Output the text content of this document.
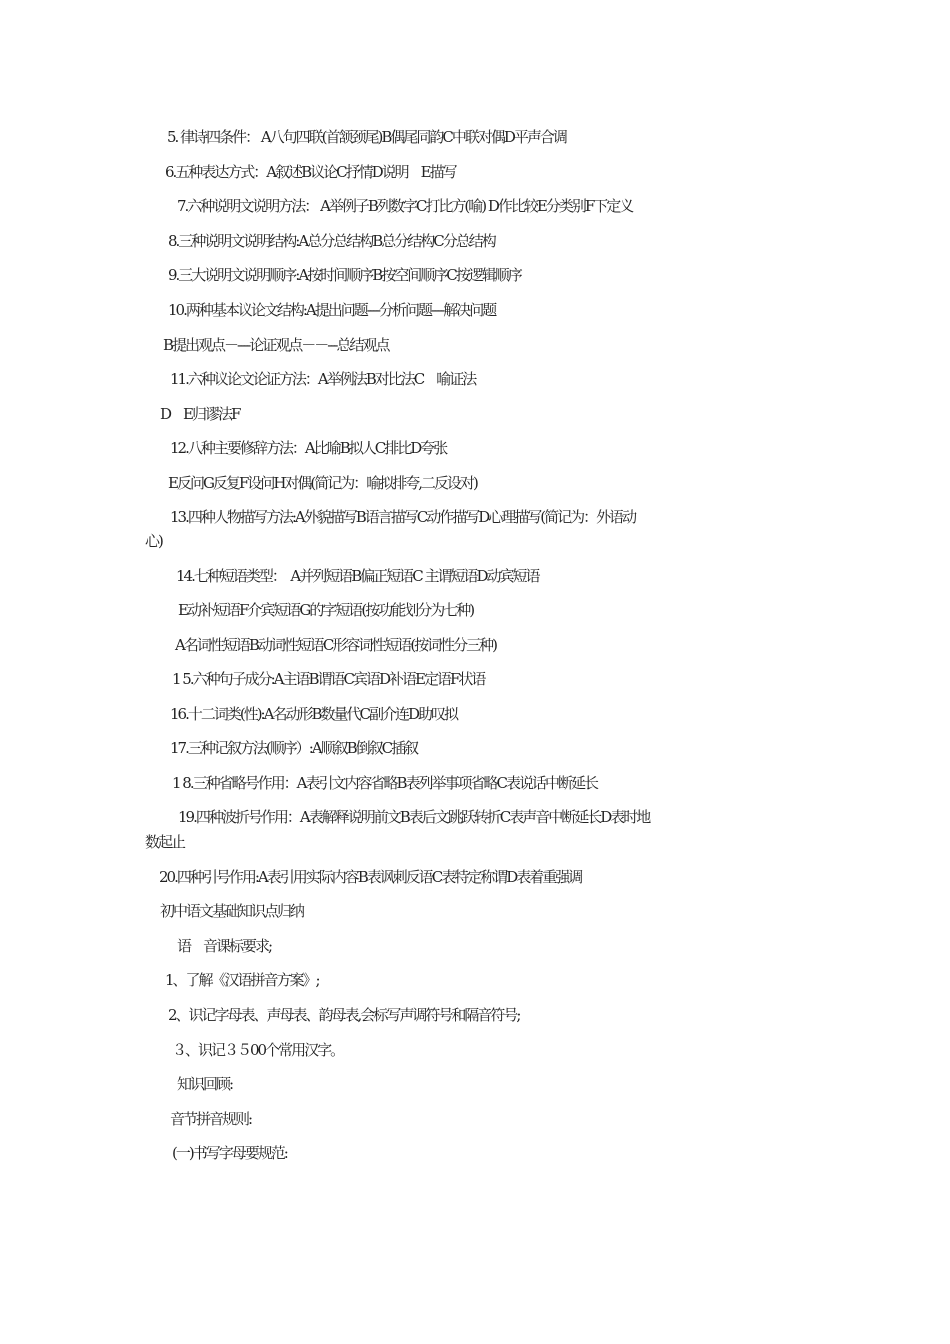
5. 律诗四条件： A八句四联(首颔颈尾)B偶尾同韵C中联对偶D平声合调
6.五种表达方式：A叙述B议论C抒情D说明　E描写
7.六种说明文说明方法： A举例子B列数字C打比方(喻) D作比较E分类别F下定义
8.三种说明文说明结构:A总分总结构B总分结构C分总结构
9.三大说明文说明顺序:A按时间顺序B按空间顺序C按逻辑顺序
10.两种基本议论文结构:A提出问题----分析问题----解决问题
B提出观点－----论证观点－－---总结观点
11.六种议论文论证方法：A举例法B对比法C　喻证法
D　E归谬法F
12.八种主要修辞方法：A比喻B拟人C排比D夸张
E反问G反复F设问H对偶(简记为：喻拟排夸,二反设对)
13.四种人物描写方法:A外貌描写B语言描写C动作描写D心理描写(简记为：外语动
心)
14.七种短语类型：　A并列短语B偏正短语C 主谓短语D动宾短语
E动补短语F介宾短语G的字短语(按功能划分为七种)
A名词性短语B动词性短语C形容词性短语(按词性分三种)
1 5.六种句子成分:A主语B谓语C宾语D补语E定语F状语
16.十二词类(性):A名动形B数量代C副介连D助叹拟
17.三种记叙方法(顺序）:A顺叙B倒叙C插叙
1 8.三种省略号作用：A表引文内容省略B表列举事项省略C表说话中断延长
19.四种波折号作用：A表解释说明前文B表后文跳跃转折C表声音中断延长D表时地
数起止
20.四种引号作用:A表引用实际内容B表讽刺反语C表特定称谓D表着重强调
初中语文基础知识点归纳
语　音课标要求;
1、了解《汉语拼音方案》;
2、识记字母表、声母表、韵母表,会标写声调符号和隔音符号;
３、识记３５00个常用汉字。
知识回顾:
音节拼音规则:
(一)书写字母要规范:
